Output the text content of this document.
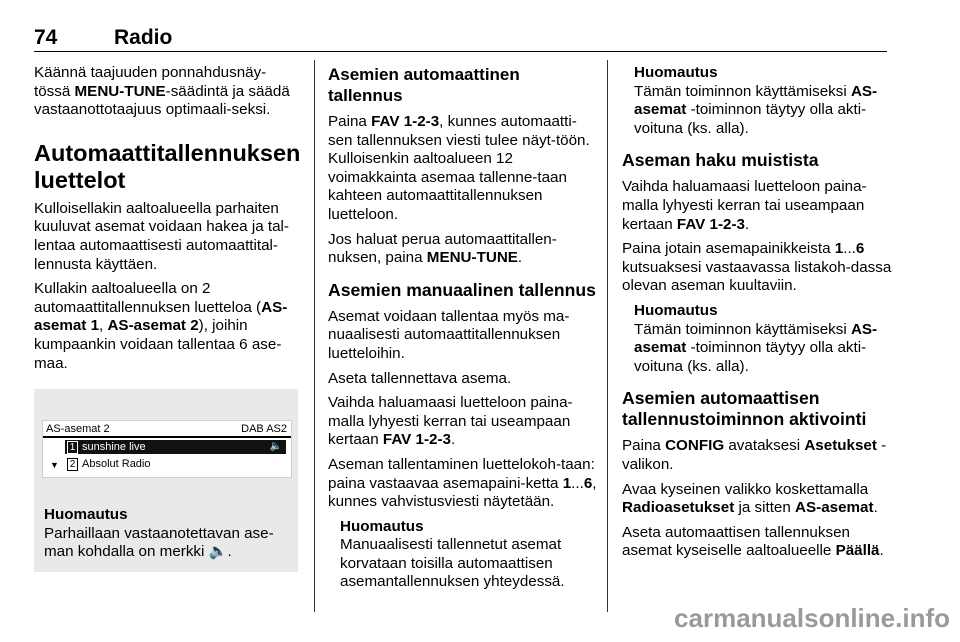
74	Radio

Käännä taajuuden ponnahdusnäy-tössä MENU-TUNE-säädintä ja säädä vastaanottotaajuus optimaali-seksi.

Automaattitallennuksen luettelot

Kulloisellakin aaltoalueella parhaiten kuuluvat asemat voidaan hakea ja tal-lentaa automaattisesti automaattital-lennusta käyttäen.

Kullakin aaltoalueella on 2 automaattitallennuksen luetteloa (AS-asemat 1, AS-asemat 2), joihin kumpaankin voidaan tallentaa 6 ase-maa.

AS-asemat 2	DAB AS2
▼
1 sunshine live	🔈
2 Absolut Radio
Huomautus
Parhaillaan vastaanotettavan ase-man kohdalla on merkki 🔈.
Asemien automaattinen tallennus

Paina FAV 1-2-3, kunnes automaatti-sen tallennuksen viesti tulee näyt-töön. Kulloisenkin aaltoalueen 12 voimakkainta asemaa tallenne-taan kahteen automaattitallennuksen luetteloon.

Jos haluat perua automaattitallen-nuksen, paina MENU-TUNE.

Asemien manuaalinen tallennus

Asemat voidaan tallentaa myös ma-nuaalisesti automaattitallennuksen luetteloihin.

Aseta tallennettava asema.

Vaihda haluamaasi luetteloon paina-malla lyhyesti kerran tai useampaan kertaan FAV 1-2-3.

Aseman tallentaminen luettelokoh-taan: paina vastaavaa asemapaini-ketta 1...6, kunnes vahvistusviesti näytetään.

Huomautus
Manuaalisesti tallennetut asemat korvataan toisilla automaattisen asemantallennuksen yhteydessä.
Huomautus
Tämän toiminnon käyttämiseksi AS-asemat -toiminnon täytyy olla akti-voituna (ks. alla).
Aseman haku muistista

Vaihda haluamaasi luetteloon paina-malla lyhyesti kerran tai useampaan kertaan FAV 1-2-3.

Paina jotain asemapainikkeista 1...6 kutsuaksesi vastaavassa listakoh-dassa olevan aseman kuultaviin.

Huomautus
Tämän toiminnon käyttämiseksi AS-asemat -toiminnon täytyy olla akti-voituna (ks. alla).
Asemien automaattisen tallennustoiminnon aktivointi

Paina CONFIG avataksesi Asetukset -valikon.

Avaa kyseinen valikko koskettamalla Radioasetukset ja sitten AS-asemat.

Aseta automaattisen tallennuksen asemat kyseiselle aaltoalueelle Päällä.

carmanualsonline.info
